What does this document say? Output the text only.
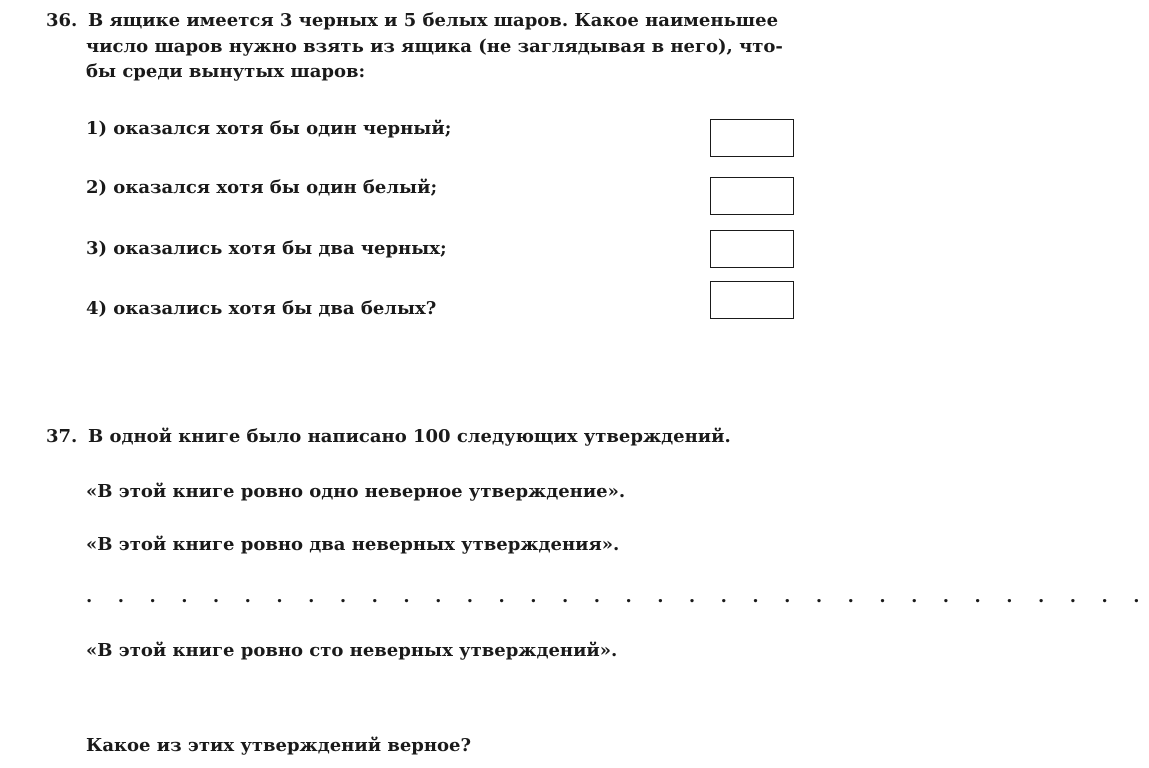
36. В ящике имеется 3 черных и 5 белых шаров. Какое наименьшее
число шаров нужно взять из ящика (не заглядывая в него), что-
бы среди вынутых шаров:
1) оказался хотя бы один черный;
2) оказался хотя бы один белый;
3) оказались хотя бы два черных;
4) оказались хотя бы два белых?
37. В одной книге было написано 100 следующих утверждений.
«В этой книге ровно одно неверное утверждение».
«В этой книге ровно два неверных утверждения».
. . . . . . . . . . . . . . . . . . . . . . . . . . . . . . . . . .
«В этой книге ровно сто неверных утверждений».
Какое из этих утверждений верное?
